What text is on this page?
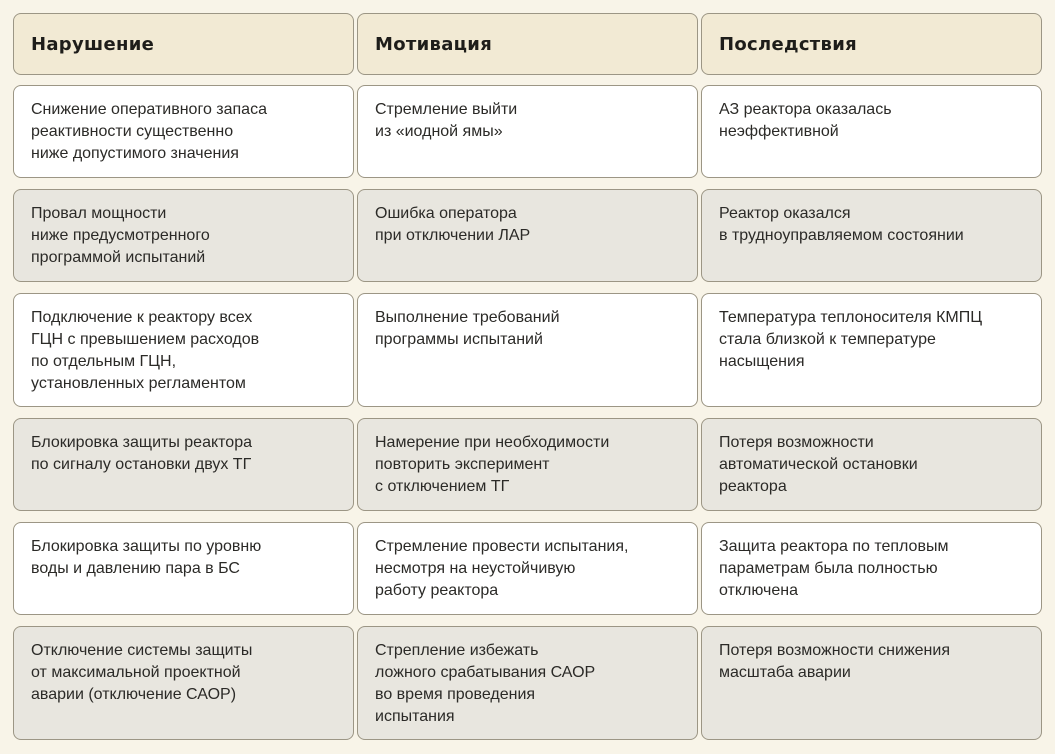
Нарушение	Мотивация	Последствия
Снижение оперативного запаса
реактивности существенно
ниже допустимого значения
Стремление выйти
из «иодной ямы»
АЗ реактора оказалась
неэффективной
Провал мощности
ниже предусмотренного
программой испытаний
Ошибка оператора
при отключении ЛАР
Реактор оказался
в трудноуправляемом состоянии
Подключение к реактору всех
ГЦН с превышением расходов
по отдельным ГЦН,
установленных регламентом
Выполнение требований
программы испытаний
Температура теплоносителя КМПЦ
стала близкой к температуре
насыщения
Блокировка защиты реактора
по сигналу остановки двух ТГ
Намерение при необходимости
повторить эксперимент
с отключением ТГ
Потеря возможности
автоматической остановки
реактора
Блокировка защиты по уровню
воды и давлению пара в БС
Стремление провести испытания,
несмотря на неустойчивую
работу реактора
Защита реактора по тепловым
параметрам была полностью
отключена
Отключение системы защиты
от максимальной проектной
аварии (отключение САОР)
Стрепление избежать
ложного срабатывания САОР
во время проведения
испытания
Потеря возможности снижения
масштаба аварии
